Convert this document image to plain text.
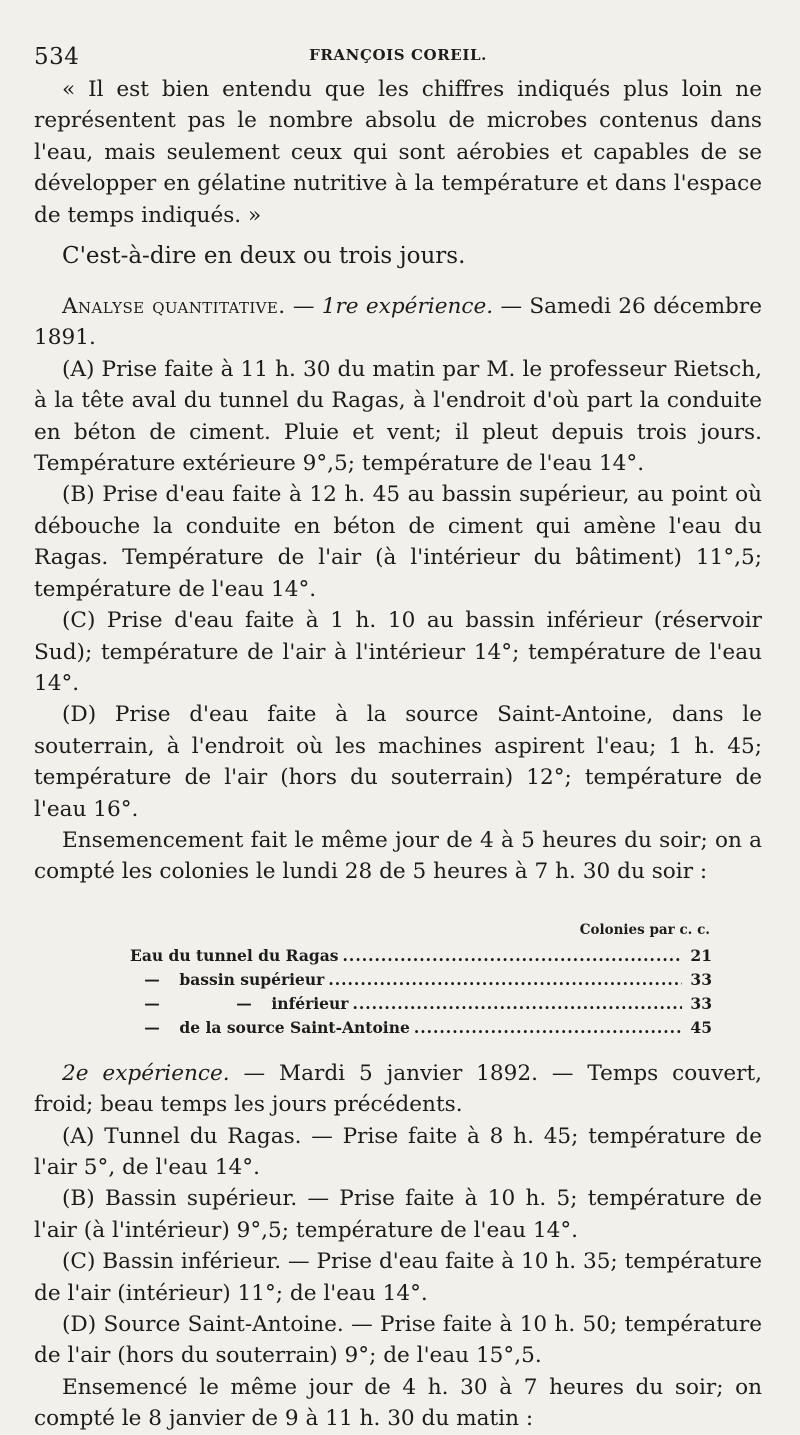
534	FRANÇOIS COREIL.

« Il est bien entendu que les chiffres indiqués plus loin ne représentent pas le nombre absolu de microbes contenus dans l'eau, mais seulement ceux qui sont aérobies et capables de se développer en gélatine nutritive à la température et dans l'espace de temps indiqués. »

C'est-à-dire en deux ou trois jours.

Analyse quantitative. — 1re expérience. — Samedi 26 décembre 1891.

(A) Prise faite à 11 h. 30 du matin par M. le professeur Rietsch, à la tête aval du tunnel du Ragas, à l'endroit d'où part la conduite en béton de ciment. Pluie et vent; il pleut depuis trois jours. Température extérieure 9°,5; température de l'eau 14°.

(B) Prise d'eau faite à 12 h. 45 au bassin supérieur, au point où débouche la conduite en béton de ciment qui amène l'eau du Ragas. Température de l'air (à l'intérieur du bâtiment) 11°,5; température de l'eau 14°.

(C) Prise d'eau faite à 1 h. 10 au bassin inférieur (réservoir Sud); température de l'air à l'intérieur 14°; température de l'eau 14°.

(D) Prise d'eau faite à la source Saint-Antoine, dans le souterrain, à l'endroit où les machines aspirent l'eau; 1 h. 45; température de l'air (hors du souterrain) 12°; température de l'eau 16°.

Ensemencement fait le même jour de 4 à 5 heures du soir; on a compté les colonies le lundi 28 de 5 heures à 7 h. 30 du soir :

Colonies par c. c.
Eau du tunnel du Ragas .....	21
— bassin supérieur .....	33
—	— inférieur .....	33
— de la source Saint-Antoine .....	45

2e expérience. — Mardi 5 janvier 1892. — Temps couvert, froid; beau temps les jours précédents.

(A) Tunnel du Ragas. — Prise faite à 8 h. 45; température de l'air 5°, de l'eau 14°.

(B) Bassin supérieur. — Prise faite à 10 h. 5; température de l'air (à l'intérieur) 9°,5; température de l'eau 14°.

(C) Bassin inférieur. — Prise d'eau faite à 10 h. 35; température de l'air (intérieur) 11°; de l'eau 14°.

(D) Source Saint-Antoine. — Prise faite à 10 h. 50; température de l'air (hors du souterrain) 9°; de l'eau 15°,5.

Ensemencé le même jour de 4 h. 30 à 7 heures du soir; on compté le 8 janvier de 9 à 11 h. 30 du matin :
